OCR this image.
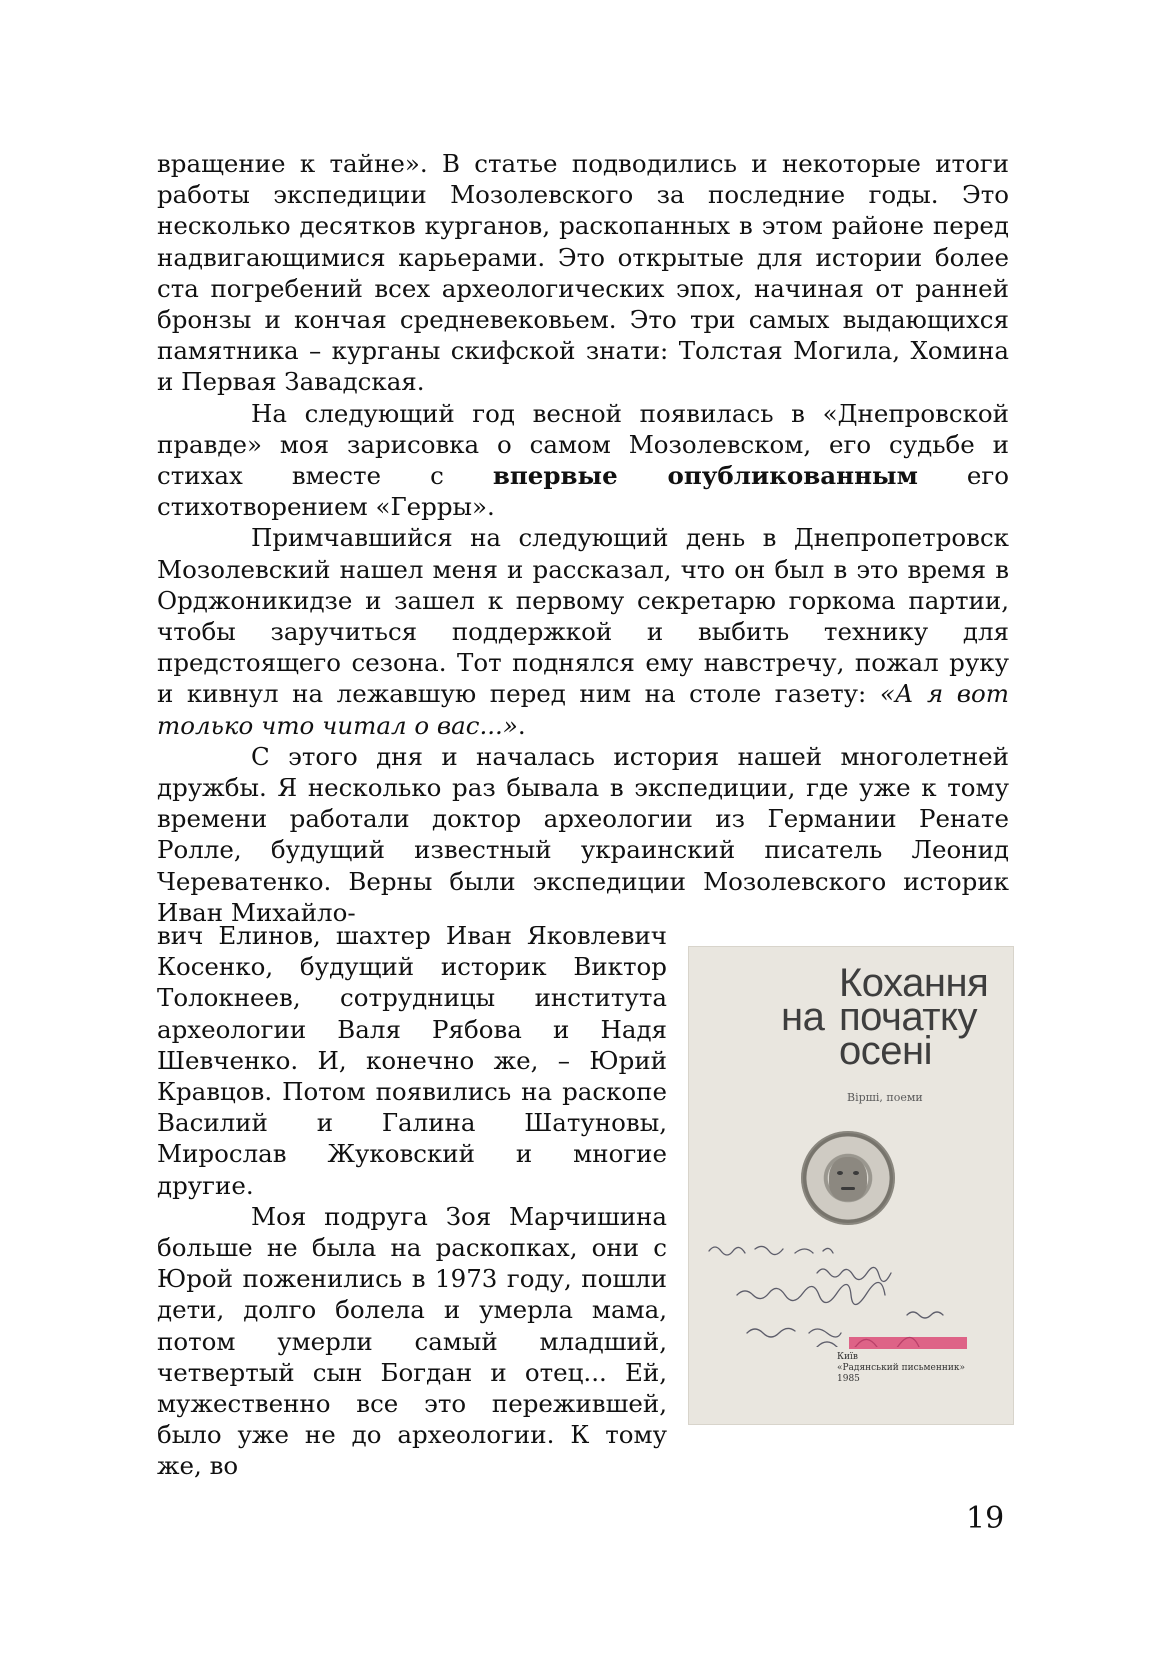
вращение к тайне». В статье подводились и некоторые итоги работы экспедиции Мозолевского за последние годы. Это несколько десятков курганов, раскопанных в этом районе перед надвигающимися карьерами. Это открытые для истории более ста погребений всех археологических эпох, начиная от ранней бронзы и кончая средневековьем. Это три самых выдающихся памятника – курганы скифской знати: Толстая Могила, Хомина и Первая Завадская.

На следующий год весной появилась в «Днепровской правде» моя зарисовка о самом Мозолевском, его судьбе и стихах вместе с впервые опубликованным его стихотворением «Герры».

Примчавшийся на следующий день в Днепропетровск Мозолевский нашел меня и рассказал, что он был в это время в Орджоникидзе и зашел к первому секретарю горкома партии, чтобы заручиться поддержкой и выбить технику для предстоящего сезона. Тот поднялся ему навстречу, пожал руку и кивнул на лежавшую перед ним на столе газету: «А я вот только что читал о вас...».

С этого дня и началась история нашей многолетней дружбы. Я несколько раз бывала в экспедиции, где уже к тому времени работали доктор археологии из Германии Ренате Ролле, будущий известный украинский писатель Леонид Череватенко. Верны были экспедиции Мозолевского историк Иван Михайло-

вич Елинов, шахтер Иван Яковлевич Косенко, будущий историк Виктор Толокнеев, сотрудницы института археологии Валя Рябова и Надя Шевченко. И, конечно же, – Юрий Кравцов. Потом появились на раскопе Василий и Галина Шатуновы, Мирослав Жуковский и многие другие.

Моя подруга Зоя Марчишина больше не была на раскопках, они с Юрой поженились в 1973 году, пошли дети, долго болела и умерла мама, потом умерли самый младший, четвертый сын Богдан и отец... Ей, мужественно все это пережившей, было уже не до археологии. К тому же, во

Кохання
на початку
осені
Вірші, поеми
Київ
«Радянський письменник»
1985
19
